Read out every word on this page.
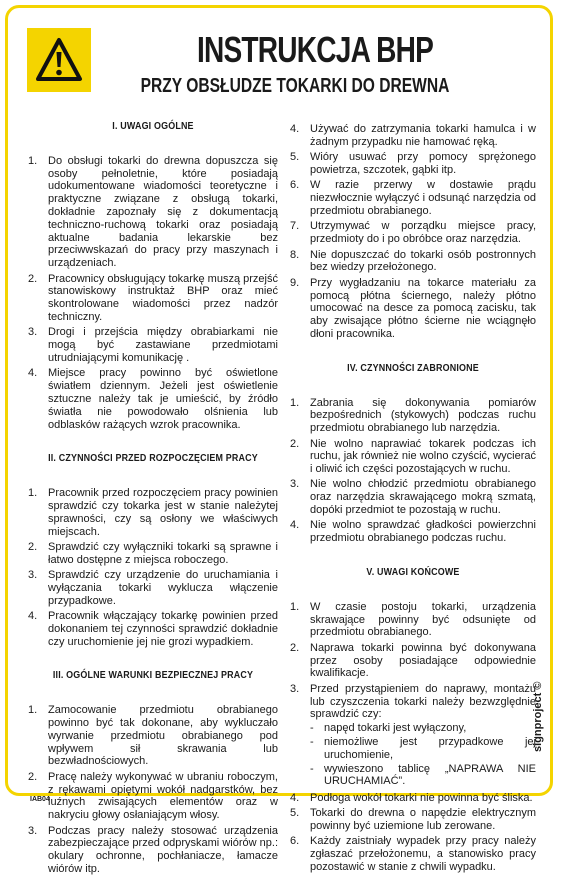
INSTRUKCJA BHP
PRZY OBSŁUDZE TOKARKI DO DREWNA
I. UWAGI OGÓLNE
1. Do obsługi tokarki do drewna dopuszcza się osoby pełnoletnie, które posiadają udokumentowane wiadomości teoretyczne i praktyczne związane z obsługą tokarki, dokładnie zapoznały się z dokumentacją techniczno-ruchową tokarki oraz posiadają aktualne badania lekarskie bez przeciwwskazań do pracy przy maszynach i urządzeniach.
2. Pracownicy obsługujący tokarkę muszą przejść stanowiskowy instruktaż BHP oraz mieć skontrolowane wiadomości przez nadzór techniczny.
3. Drogi i przejścia między obrabiarkami nie mogą być zastawiane przedmiotami utrudniającymi komunikację .
4. Miejsce pracy powinno być oświetlone światłem dziennym. Jeżeli jest oświetlenie sztuczne należy tak je umieścić, by źródło światła nie powodowało olśnienia lub odblasków rażących wzrok pracownika.
II. CZYNNOŚCI PRZED ROZPOCZĘCIEM PRACY
1. Pracownik przed rozpoczęciem pracy powinien sprawdzić czy tokarka jest w stanie należytej sprawności, czy są osłony we właściwych miejscach.
2. Sprawdzić czy wyłączniki tokarki są sprawne i łatwo dostępne z miejsca roboczego.
3. Sprawdzić czy urządzenie do uruchamiania i wyłączania tokarki wyklucza włączenie przypadkowe.
4. Pracownik włączający tokarkę powinien przed dokonaniem tej czynności sprawdzić dokładnie czy uruchomienie jej nie grozi wypadkiem.
III. OGÓLNE WARUNKI BEZPIECZNEJ PRACY
1. Zamocowanie przedmiotu obrabianego powinno być tak dokonane, aby wykluczało wyrwanie przedmiotu obrabianego pod wpływem sił skrawania lub bezwładnościowych.
2. Pracę należy wykonywać w ubraniu roboczym, z rękawami opiętymi wokół nadgarstków, bez luźnych zwisających elementów oraz w nakryciu głowy osłaniającym włosy.
3. Podczas pracy należy stosować urządzenia zabezpieczające przed odpryskami wiórów np.: okulary ochronne, pochłaniacze, łamacze wiórów itp.
4. Używać do zatrzymania tokarki hamulca i w żadnym przypadku nie hamować ręką.
5. Wióry usuwać przy pomocy sprężonego powietrza, szczotek, gąbki itp.
6. W razie przerwy w dostawie prądu niezwłocznie wyłączyć i odsunąć narzędzia od przedmiotu obrabianego.
7. Utrzymywać w porządku miejsce pracy, przedmioty do i po obróbce oraz narzędzia.
8. Nie dopuszczać do tokarki osób postronnych bez wiedzy przełożonego.
9. Przy wygładzaniu na tokarce materiału za pomocą płótna ściernego, należy płótno umocować na desce za pomocą zacisku, tak aby zwisające płótno ścierne nie wciągnęło dłoni pracownika.
IV. CZYNNOŚCI ZABRONIONE
1. Zabrania się dokonywania pomiarów bezpośrednich (stykowych) podczas ruchu przedmiotu obrabianego lub narzędzia.
2. Nie wolno naprawiać tokarek podczas ich ruchu, jak również nie wolno czyścić, wycierać i oliwić ich części pozostających w ruchu.
3. Nie wolno chłodzić przedmiotu obrabianego oraz narzędzia skrawającego mokrą szmatą, dopóki przedmiot te pozostają w ruchu.
4. Nie wolno sprawdzać gładkości powierzchni przedmiotu obrabianego podczas ruchu.
V. UWAGI KOŃCOWE
1. W czasie postoju tokarki, urządzenia skrawające powinny być odsunięte od przedmiotu obrabianego.
2. Naprawa tokarki powinna być dokonywana przez osoby posiadające odpowiednie kwalifikacje.
3. Przed przystąpieniem do naprawy, montażu lub czyszczenia tokarki należy bezwzględnie sprawdzić czy:
- napęd tokarki jest wyłączony,
- niemożliwe jest przypadkowe jej uruchomienie,
- wywieszono tablicę „NAPRAWA NIE URUCHAMIAĆ”.
4. Podłoga wokół tokarki nie powinna być śliska.
5. Tokarki do drewna o napędzie elektrycznym powinny być uziemione lub zerowane.
6. Każdy zaistniały wypadek przy pracy należy zgłaszać przełożonemu, a stanowisko pracy pozostawić w stanie z chwili wypadku.
signproject ©
IAB04
